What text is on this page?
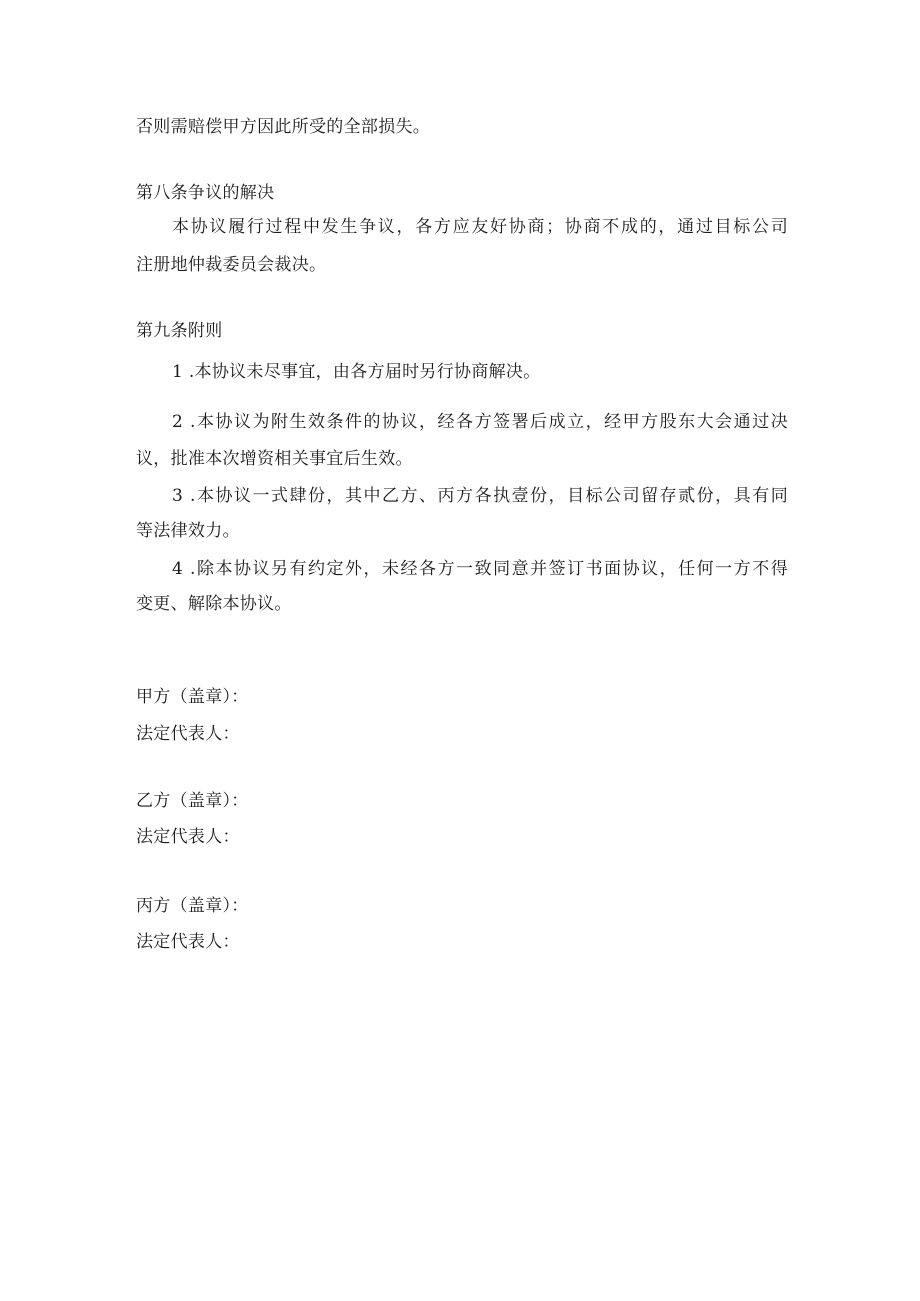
否则需赔偿甲方因此所受的全部损失。
第八条争议的解决
本协议履行过程中发生争议，各方应友好协商；协商不成的，通过目标公司
注册地仲裁委员会裁决。
第九条附则
1 .本协议未尽事宜，由各方届时另行协商解决。
2 .本协议为附生效条件的协议，经各方签署后成立，经甲方股东大会通过决
议，批准本次增资相关事宜后生效。
3 .本协议一式肆份，其中乙方、丙方各执壹份，目标公司留存贰份，具有同
等法律效力。
4 .除本协议另有约定外，未经各方一致同意并签订书面协议，任何一方不得
变更、解除本协议。
甲方（盖章）：
法定代表人：
乙方（盖章）：
法定代表人：
丙方（盖章）：
法定代表人：
